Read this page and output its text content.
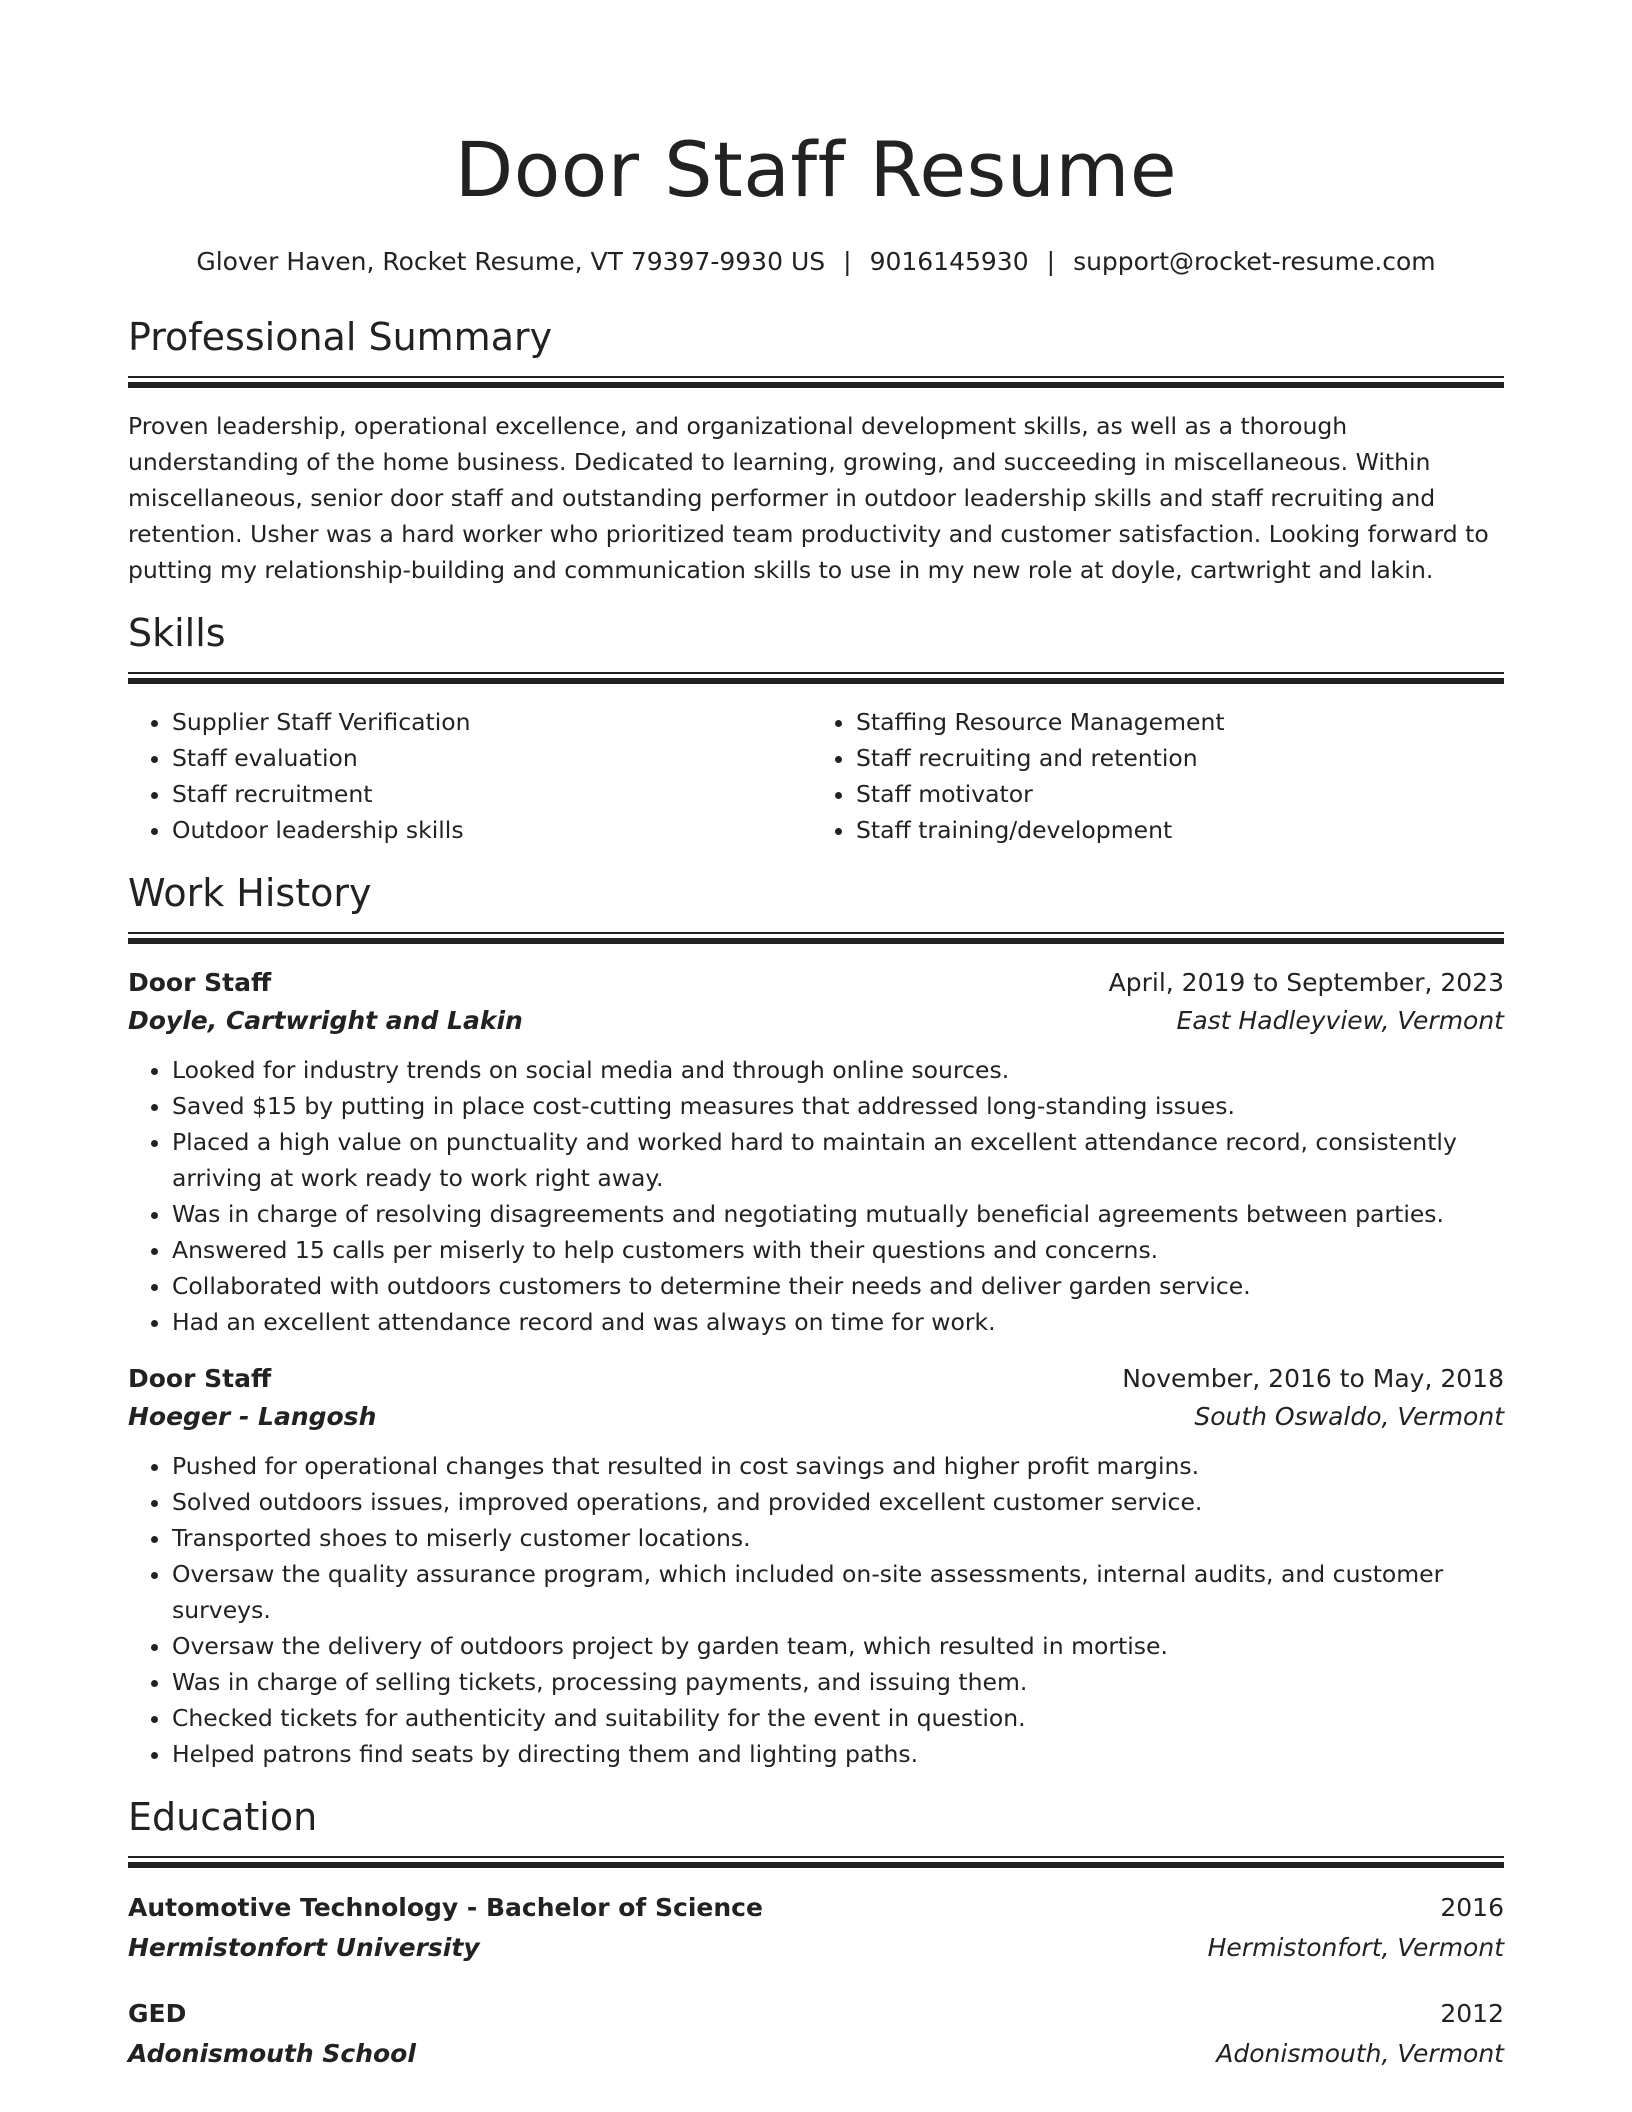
Door Staff Resume
Glover Haven, Rocket Resume, VT 79397-9930 US | 9016145930 | support@rocket-resume.com
Professional Summary

Proven leadership, operational excellence, and organizational development skills, as well as a thorough understanding of the home business. Dedicated to learning, growing, and succeeding in miscellaneous. Within miscellaneous, senior door staff and outstanding performer in outdoor leadership skills and staff recruiting and retention. Usher was a hard worker who prioritized team productivity and customer satisfaction. Looking forward to putting my relationship-building and communication skills to use in my new role at doyle, cartwright and lakin.

Skills
• Supplier Staff Verification
• Staff evaluation
• Staff recruitment
• Outdoor leadership skills
• Staffing Resource Management
• Staff recruiting and retention
• Staff motivator
• Staff training/development
Work History
Door Staff	April, 2019 to September, 2023
Doyle, Cartwright and Lakin	East Hadleyview, Vermont
• Looked for industry trends on social media and through online sources.
• Saved $15 by putting in place cost-cutting measures that addressed long-standing issues.
• Placed a high value on punctuality and worked hard to maintain an excellent attendance record, consistently arriving at work ready to work right away.
• Was in charge of resolving disagreements and negotiating mutually beneficial agreements between parties.
• Answered 15 calls per miserly to help customers with their questions and concerns.
• Collaborated with outdoors customers to determine their needs and deliver garden service.
• Had an excellent attendance record and was always on time for work.
Door Staff	November, 2016 to May, 2018
Hoeger - Langosh	South Oswaldo, Vermont
• Pushed for operational changes that resulted in cost savings and higher profit margins.
• Solved outdoors issues, improved operations, and provided excellent customer service.
• Transported shoes to miserly customer locations.
• Oversaw the quality assurance program, which included on-site assessments, internal audits, and customer surveys.
• Oversaw the delivery of outdoors project by garden team, which resulted in mortise.
• Was in charge of selling tickets, processing payments, and issuing them.
• Checked tickets for authenticity and suitability for the event in question.
• Helped patrons find seats by directing them and lighting paths.
Education
Automotive Technology - Bachelor of Science	2016
Hermistonfort University	Hermistonfort, Vermont
GED	2012
Adonismouth School	Adonismouth, Vermont
